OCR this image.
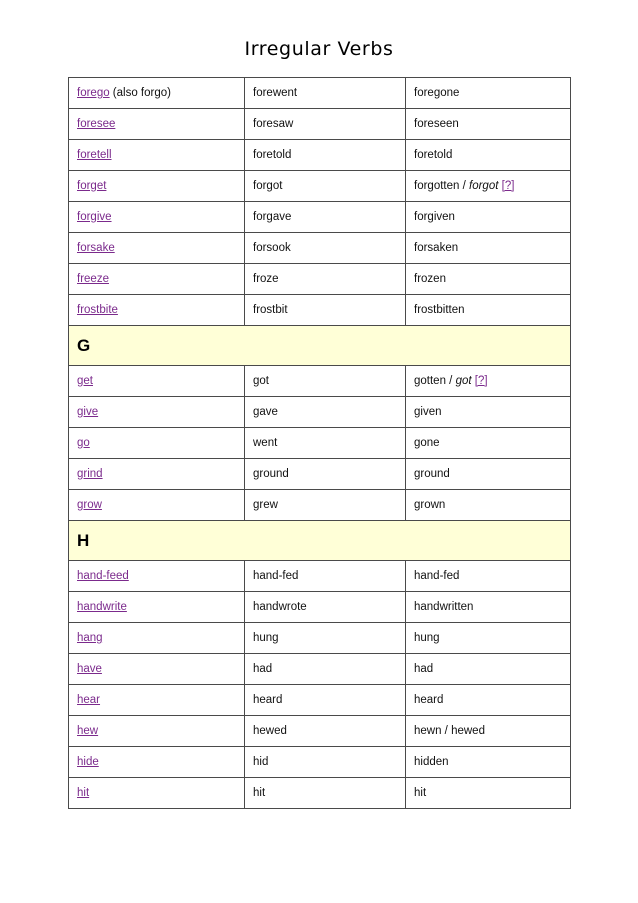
Irregular Verbs
forego (also forgo)	forewent	foregone
foresee	foresaw	foreseen
foretell	foretold	foretold
forget	forgot	forgotten / forgot [?]
forgive	forgave	forgiven
forsake	forsook	forsaken
freeze	froze	frozen
frostbite	frostbit	frostbitten
G		
get	got	gotten / got [?]
give	gave	given
go	went	gone
grind	ground	ground
grow	grew	grown
H		
hand-feed	hand-fed	hand-fed
handwrite	handwrote	handwritten
hang	hung	hung
have	had	had
hear	heard	heard
hew	hewed	hewn / hewed
hide	hid	hidden
hit	hit	hit
